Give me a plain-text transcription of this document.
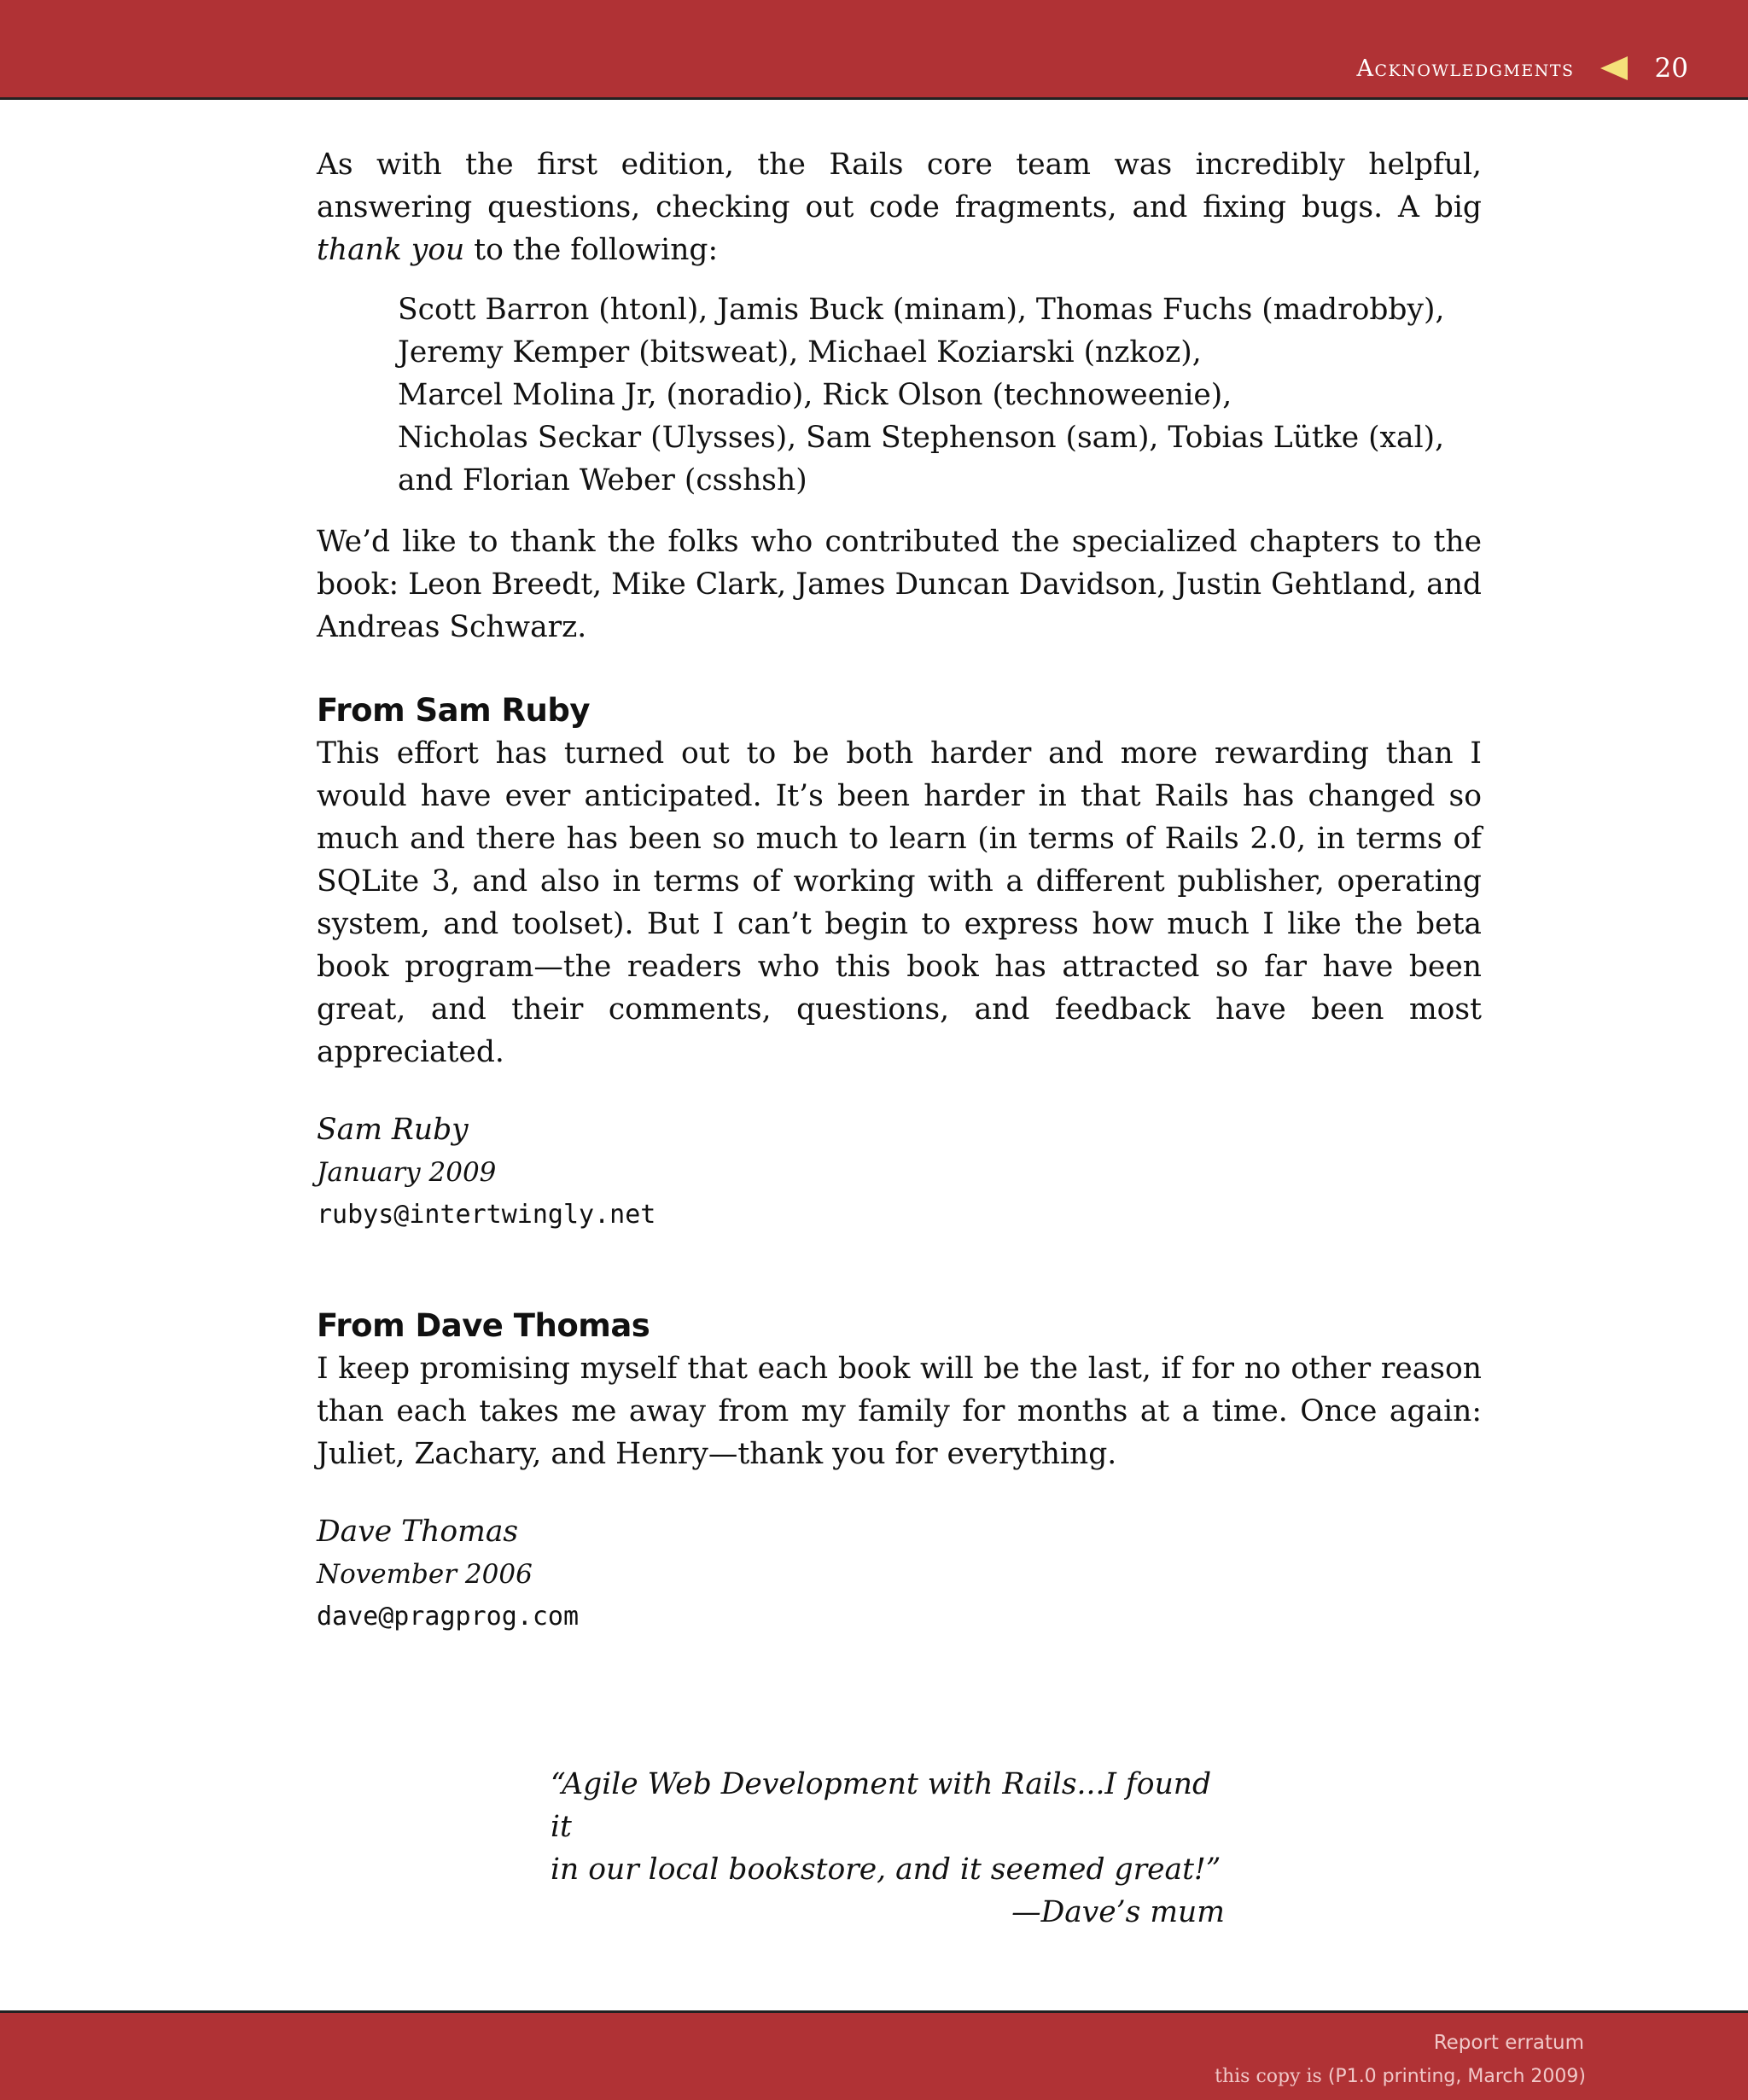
Acknowledgments	20

As with the first edition, the Rails core team was incredibly helpful, answering questions, checking out code fragments, and fixing bugs. A big thank you to the following:

Scott Barron (htonl), Jamis Buck (minam), Thomas Fuchs (madrobby),
Jeremy Kemper (bitsweat), Michael Koziarski (nzkoz),
Marcel Molina Jr, (noradio), Rick Olson (technoweenie),
Nicholas Seckar (Ulysses), Sam Stephenson (sam), Tobias Lütke (xal),
and Florian Weber (csshsh)

We’d like to thank the folks who contributed the specialized chapters to the book: Leon Breedt, Mike Clark, James Duncan Davidson, Justin Gehtland, and Andreas Schwarz.

From Sam Ruby

This effort has turned out to be both harder and more rewarding than I would have ever anticipated. It’s been harder in that Rails has changed so much and there has been so much to learn (in terms of Rails 2.0, in terms of SQLite 3, and also in terms of working with a different publisher, operating system, and toolset). But I can’t begin to express how much I like the beta book program—the readers who this book has attracted so far have been great, and their comments, questions, and feedback have been most appreciated.

Sam Ruby
January 2009
rubys@intertwingly.net
From Dave Thomas

I keep promising myself that each book will be the last, if for no other reason than each takes me away from my family for months at a time. Once again: Juliet, Zachary, and Henry—thank you for everything.

Dave Thomas
November 2006
dave@pragprog.com
“Agile Web Development with Rails...I found it
in our local bookstore, and it seemed great!”
—Dave’s mum
Report erratum
this copy is (P1.0 printing, March 2009)
